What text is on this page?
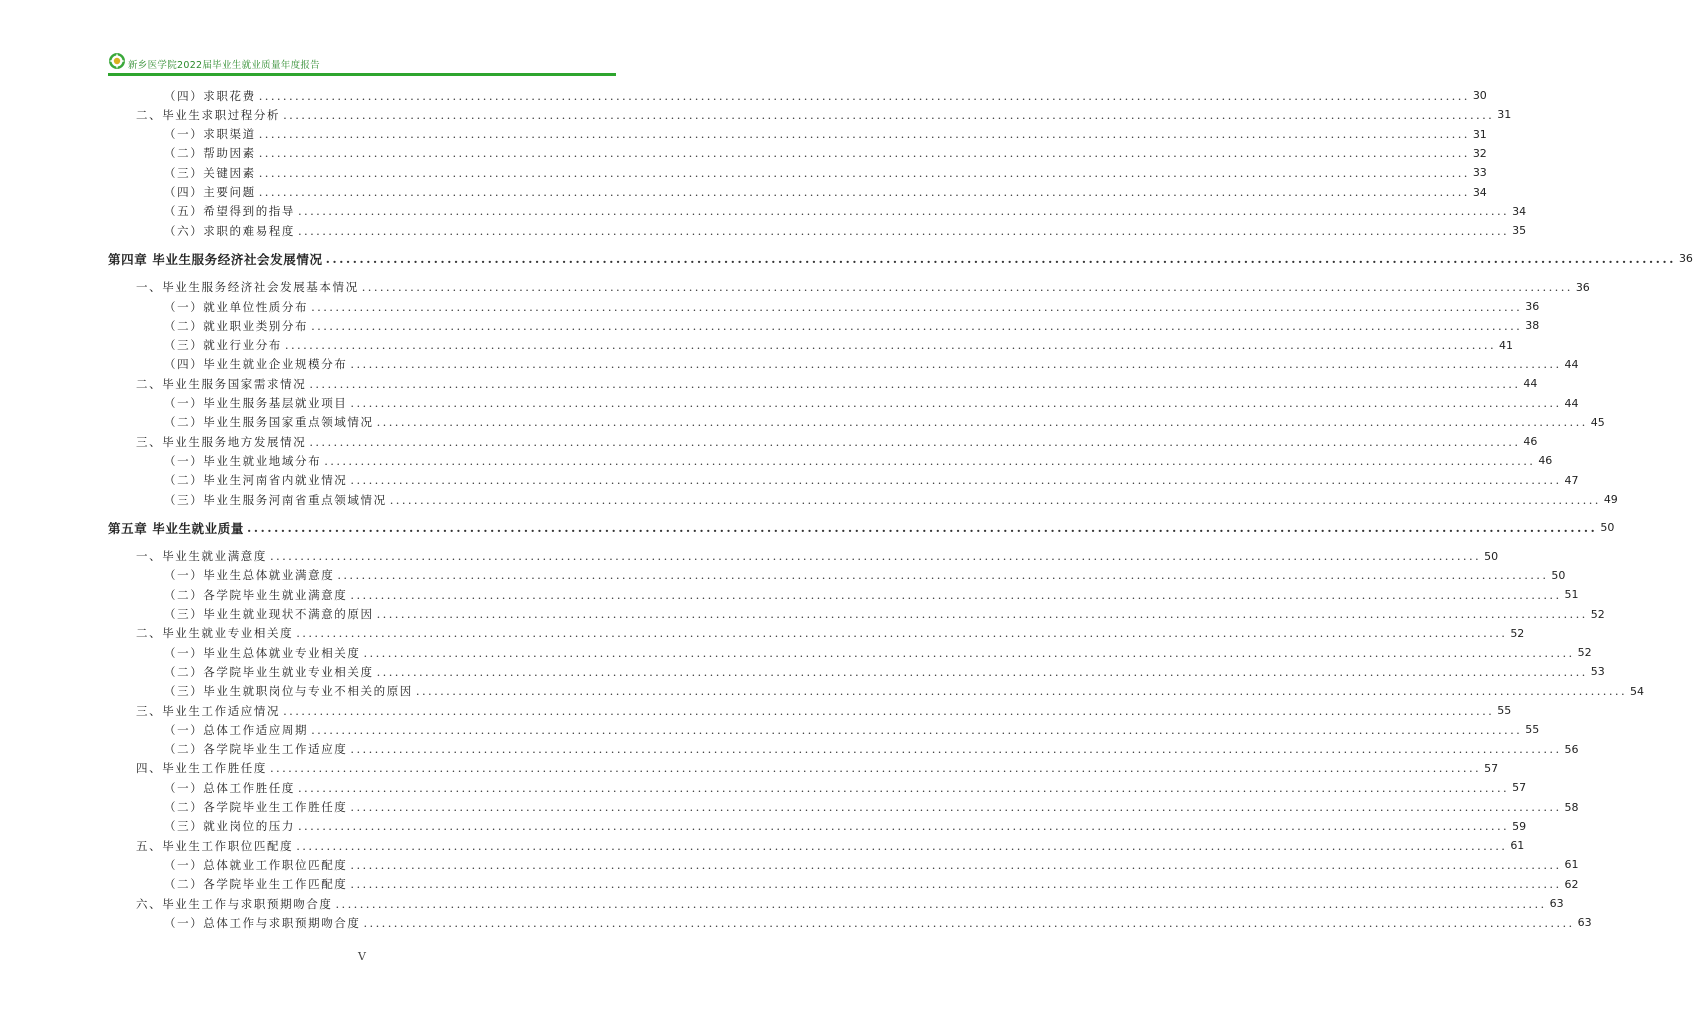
新乡医学院2022届毕业生就业质量年度报告
（四）求职花费 ........................................................................................................................................................................................................ 30
二、毕业生求职过程分析 ........................................................................................................................................................................................................ 31
（一）求职渠道 ........................................................................................................................................................................................................ 31
（二）帮助因素 ........................................................................................................................................................................................................ 32
（三）关键因素 ........................................................................................................................................................................................................ 33
（四）主要问题 ........................................................................................................................................................................................................ 34
（五）希望得到的指导 ........................................................................................................................................................................................................ 34
（六）求职的难易程度 ........................................................................................................................................................................................................ 35
第四章 毕业生服务经济社会发展情况 ........................................................................................................................................................................................................ 36
一、毕业生服务经济社会发展基本情况 ........................................................................................................................................................................................................ 36
（一）就业单位性质分布 ........................................................................................................................................................................................................ 36
（二）就业职业类别分布 ........................................................................................................................................................................................................ 38
（三）就业行业分布 ........................................................................................................................................................................................................ 41
（四）毕业生就业企业规模分布 ........................................................................................................................................................................................................ 44
二、毕业生服务国家需求情况 ........................................................................................................................................................................................................ 44
（一）毕业生服务基层就业项目 ........................................................................................................................................................................................................ 44
（二）毕业生服务国家重点领域情况 ........................................................................................................................................................................................................ 45
三、毕业生服务地方发展情况 ........................................................................................................................................................................................................ 46
（一）毕业生就业地域分布 ........................................................................................................................................................................................................ 46
（二）毕业生河南省内就业情况 ........................................................................................................................................................................................................ 47
（三）毕业生服务河南省重点领域情况 ........................................................................................................................................................................................................ 49
第五章 毕业生就业质量 ........................................................................................................................................................................................................ 50
一、毕业生就业满意度 ........................................................................................................................................................................................................ 50
（一）毕业生总体就业满意度 ........................................................................................................................................................................................................ 50
（二）各学院毕业生就业满意度 ........................................................................................................................................................................................................ 51
（三）毕业生就业现状不满意的原因 ........................................................................................................................................................................................................ 52
二、毕业生就业专业相关度 ........................................................................................................................................................................................................ 52
（一）毕业生总体就业专业相关度 ........................................................................................................................................................................................................ 52
（二）各学院毕业生就业专业相关度 ........................................................................................................................................................................................................ 53
（三）毕业生就职岗位与专业不相关的原因 ........................................................................................................................................................................................................ 54
三、毕业生工作适应情况 ........................................................................................................................................................................................................ 55
（一）总体工作适应周期 ........................................................................................................................................................................................................ 55
（二）各学院毕业生工作适应度 ........................................................................................................................................................................................................ 56
四、毕业生工作胜任度 ........................................................................................................................................................................................................ 57
（一）总体工作胜任度 ........................................................................................................................................................................................................ 57
（二）各学院毕业生工作胜任度 ........................................................................................................................................................................................................ 58
（三）就业岗位的压力 ........................................................................................................................................................................................................ 59
五、毕业生工作职位匹配度 ........................................................................................................................................................................................................ 61
（一）总体就业工作职位匹配度 ........................................................................................................................................................................................................ 61
（二）各学院毕业生工作匹配度 ........................................................................................................................................................................................................ 62
六、毕业生工作与求职预期吻合度 ........................................................................................................................................................................................................ 63
（一）总体工作与求职预期吻合度 ........................................................................................................................................................................................................ 63
V
